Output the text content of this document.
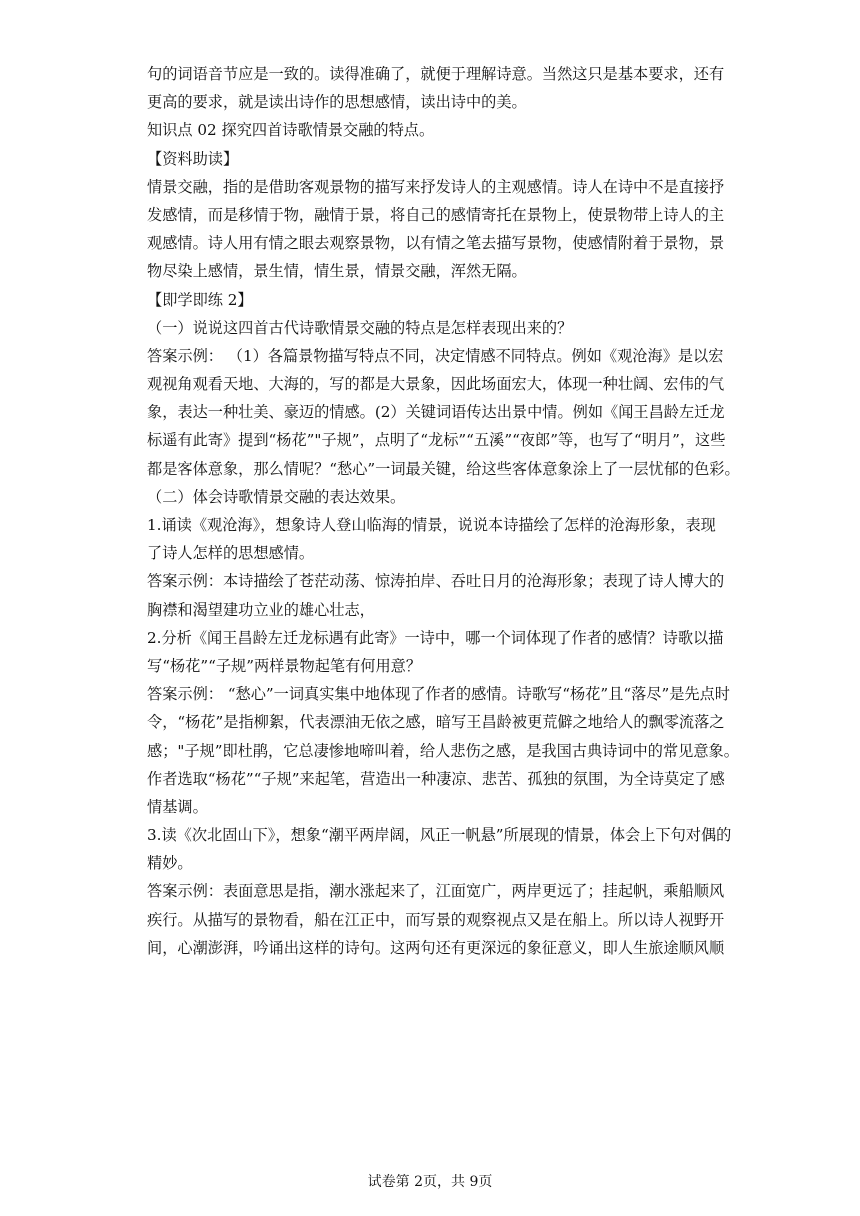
句的词语音节应是一致的。读得准确了，就便于理解诗意。当然这只是基本要求，还有
更高的要求，就是读出诗作的思想感情，读出诗中的美。
知识点 02 探究四首诗歌情景交融的特点。
【资料助读】
情景交融，指的是借助客观景物的描写来抒发诗人的主观感情。诗人在诗中不是直接抒
发感情，而是移情于物，融情于景，将自己的感情寄托在景物上，使景物带上诗人的主
观感情。诗人用有情之眼去观察景物，以有情之笔去描写景物，使感情附着于景物，景
物尽染上感情，景生情，情生景，情景交融，浑然无隔。
【即学即练 2】
（一）说说这四首古代诗歌情景交融的特点是怎样表现出来的？
答案示例： （1）各篇景物描写特点不同，决定情感不同特点。例如《观沧海》是以宏
观视角观看天地、大海的，写的都是大景象，因此场面宏大，体现一种壮阔、宏伟的气
象，表达一种壮美、豪迈的情感。(2）关键词语传达出景中情。例如《闻王昌龄左迁龙
标遥有此寄》提到“杨花”"子规”，点明了“龙标”“五溪”“夜郎”等，也写了“明月”，这些
都是客体意象，那么情呢？“愁心”一词最关键，给这些客体意象涂上了一层忧郁的色彩。
（二）体会诗歌情景交融的表达效果。
1.诵读《观沧海》，想象诗人登山临海的情景，说说本诗描绘了怎样的沧海形象，表现
了诗人怎样的思想感情。
答案示例：本诗描绘了苍茫动荡、惊涛拍岸、吞吐日月的沧海形象；表现了诗人博大的
胸襟和渴望建功立业的雄心壮志，
2.分析《闻王昌龄左迁龙标遇有此寄》一诗中，哪一个词体现了作者的感情？诗歌以描
写“杨花”“子规”两样景物起笔有何用意？
答案示例： “愁心”一词真实集中地体现了作者的感情。诗歌写“杨花”且“落尽”是先点时
令，“杨花”是指柳絮，代表漂油无依之感，暗写王昌龄被更荒僻之地给人的飘零流落之
感；"子规”即杜鹃，它总凄惨地啼叫着，给人悲伤之感，是我国古典诗词中的常见意象。
作者选取“杨花”“子规”来起笔，营造出一种凄凉、悲苦、孤独的氛围，为全诗莫定了感
情基调。
3.读《次北固山下》，想象“潮平两岸阔，风正一帆悬”所展现的情景，体会上下句对偶的
精妙。
答案示例：表面意思是指，潮水涨起来了，江面宽广，两岸更远了；挂起帆，乘船顺风
疾行。从描写的景物看，船在江正中，而写景的观察视点又是在船上。所以诗人视野开
间，心潮澎湃，吟诵出这样的诗句。这两句还有更深远的象征意义，即人生旅途顺风顺
试卷第 2页，共 9页
